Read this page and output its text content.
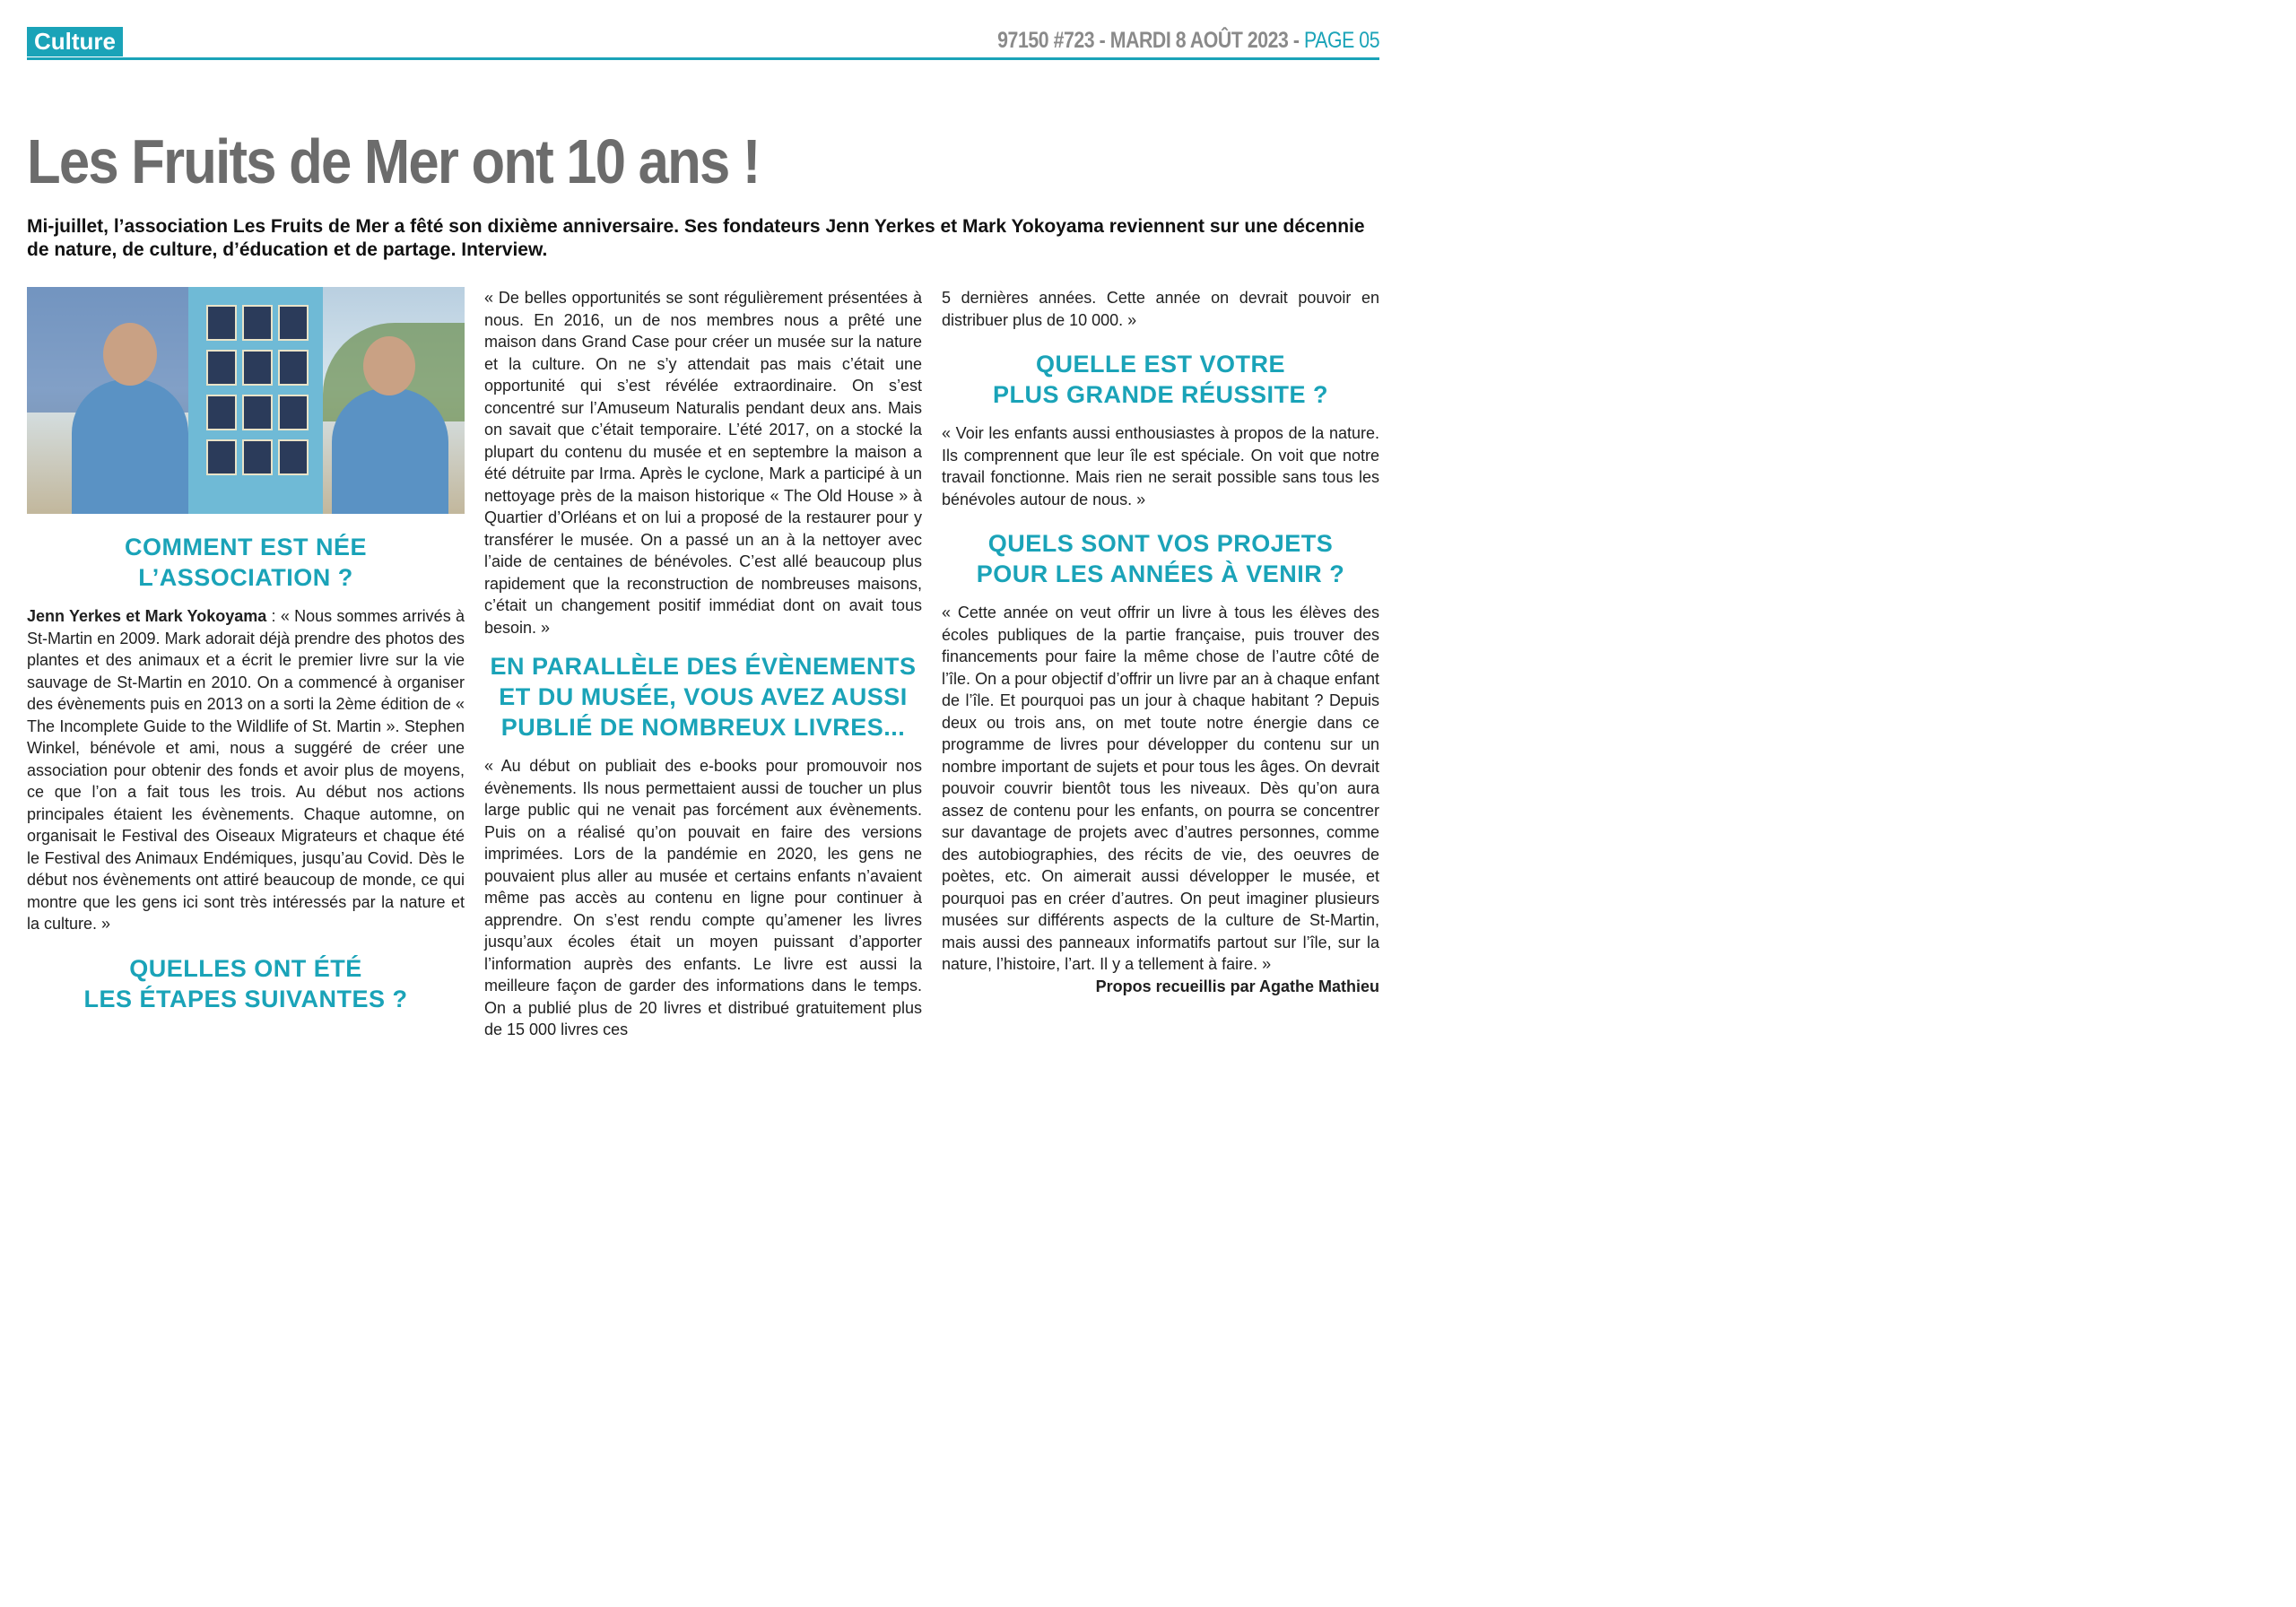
Culture	97150 #723 - MARDI 8 AOÛT 2023 - PAGE 05
Les Fruits de Mer ont 10 ans !

Mi-juillet, l’association Les Fruits de Mer a fêté son dixième anniversaire. Ses fondateurs Jenn Yerkes et Mark Yokoyama reviennent sur une décennie de nature, de culture, d’éducation et de partage. Interview.

COMMENT EST NÉE L’ASSOCIATION ?

Jenn Yerkes et Mark Yokoyama : « Nous sommes arrivés à St-Martin en 2009. Mark adorait déjà prendre des photos des plantes et des animaux et a écrit le premier livre sur la vie sauvage de St-Martin en 2010. On a commencé à organiser des évènements puis en 2013 on a sorti la 2ème édition de « The Incomplete Guide to the Wildlife of St. Martin ». Stephen Winkel, bénévole et ami, nous a suggéré de créer une association pour obtenir des fonds et avoir plus de moyens, ce que l’on a fait tous les trois. Au début nos actions principales étaient les évènements. Chaque automne, on organisait le Festival des Oiseaux Migrateurs et chaque été le Festival des Animaux Endémiques, jusqu’au Covid. Dès le début nos évènements ont attiré beaucoup de monde, ce qui montre que les gens ici sont très intéressés par la nature et la culture. »

QUELLES ONT ÉTÉ
LES ÉTAPES SUIVANTES ?

« De belles opportunités se sont régulièrement présentées à nous. En 2016, un de nos membres nous a prêté une maison dans Grand Case pour créer un musée sur la nature et la culture. On ne s’y attendait pas mais c’était une opportunité qui s’est révélée extraordinaire. On s’est concentré sur l’Amuseum Naturalis pendant deux ans. Mais on savait que c’était temporaire. L’été 2017, on a stocké la plupart du contenu du musée et en septembre la maison a été détruite par Irma. Après le cyclone, Mark a participé à un nettoyage près de la maison historique « The Old House » à Quartier d’Orléans et on lui a proposé de la restaurer pour y transférer le musée. On a passé un an à la nettoyer avec l’aide de centaines de bénévoles. C’est allé beaucoup plus rapidement que la reconstruction de nombreuses maisons, c’était un changement positif immédiat dont on avait tous besoin. »

EN PARALLÈLE DES ÉVÈNEMENTS
ET DU MUSÉE, VOUS AVEZ AUSSI
PUBLIÉ DE NOMBREUX LIVRES...

« Au début on publiait des e-books pour promouvoir nos évènements. Ils nous permettaient aussi de toucher un plus large public qui ne venait pas forcément aux évènements. Puis on a réalisé qu’on pouvait en faire des versions imprimées. Lors de la pandémie en 2020, les gens ne pouvaient plus aller au musée et certains enfants n’avaient même pas accès au contenu en ligne pour continuer à apprendre. On s’est rendu compte qu’amener les livres jusqu’aux écoles était un moyen puissant d’apporter l’information auprès des enfants. Le livre est aussi la meilleure façon de garder des informations dans le temps. On a publié plus de 20 livres et distribué gratuitement plus de 15 000 livres ces

5 dernières années. Cette année on devrait pouvoir en distribuer plus de 10 000. »

QUELLE EST VOTRE
PLUS GRANDE RÉUSSITE ?

« Voir les enfants aussi enthousiastes à propos de la nature. Ils comprennent que leur île est spéciale. On voit que notre travail fonctionne. Mais rien ne serait possible sans tous les bénévoles autour de nous. »

QUELS SONT VOS PROJETS
POUR LES ANNÉES À VENIR ?

« Cette année on veut offrir un livre à tous les élèves des écoles publiques de la partie française, puis trouver des financements pour faire la même chose de l’autre côté de l’île. On a pour objectif d’offrir un livre par an à chaque enfant de l’île. Et pourquoi pas un jour à chaque habitant ? Depuis deux ou trois ans, on met toute notre énergie dans ce programme de livres pour développer du contenu sur un nombre important de sujets et pour tous les âges. On devrait pouvoir couvrir bientôt tous les niveaux. Dès qu’on aura assez de contenu pour les enfants, on pourra se concentrer sur davantage de projets avec d’autres personnes, comme des autobiographies, des récits de vie, des oeuvres de poètes, etc. On aimerait aussi développer le musée, et pourquoi pas en créer d’autres. On peut imaginer plusieurs musées sur différents aspects de la culture de St-Martin, mais aussi des panneaux informatifs partout sur l’île, sur la nature, l’histoire, l’art. Il y a tellement à faire. »
Propos recueillis par Agathe Mathieu
